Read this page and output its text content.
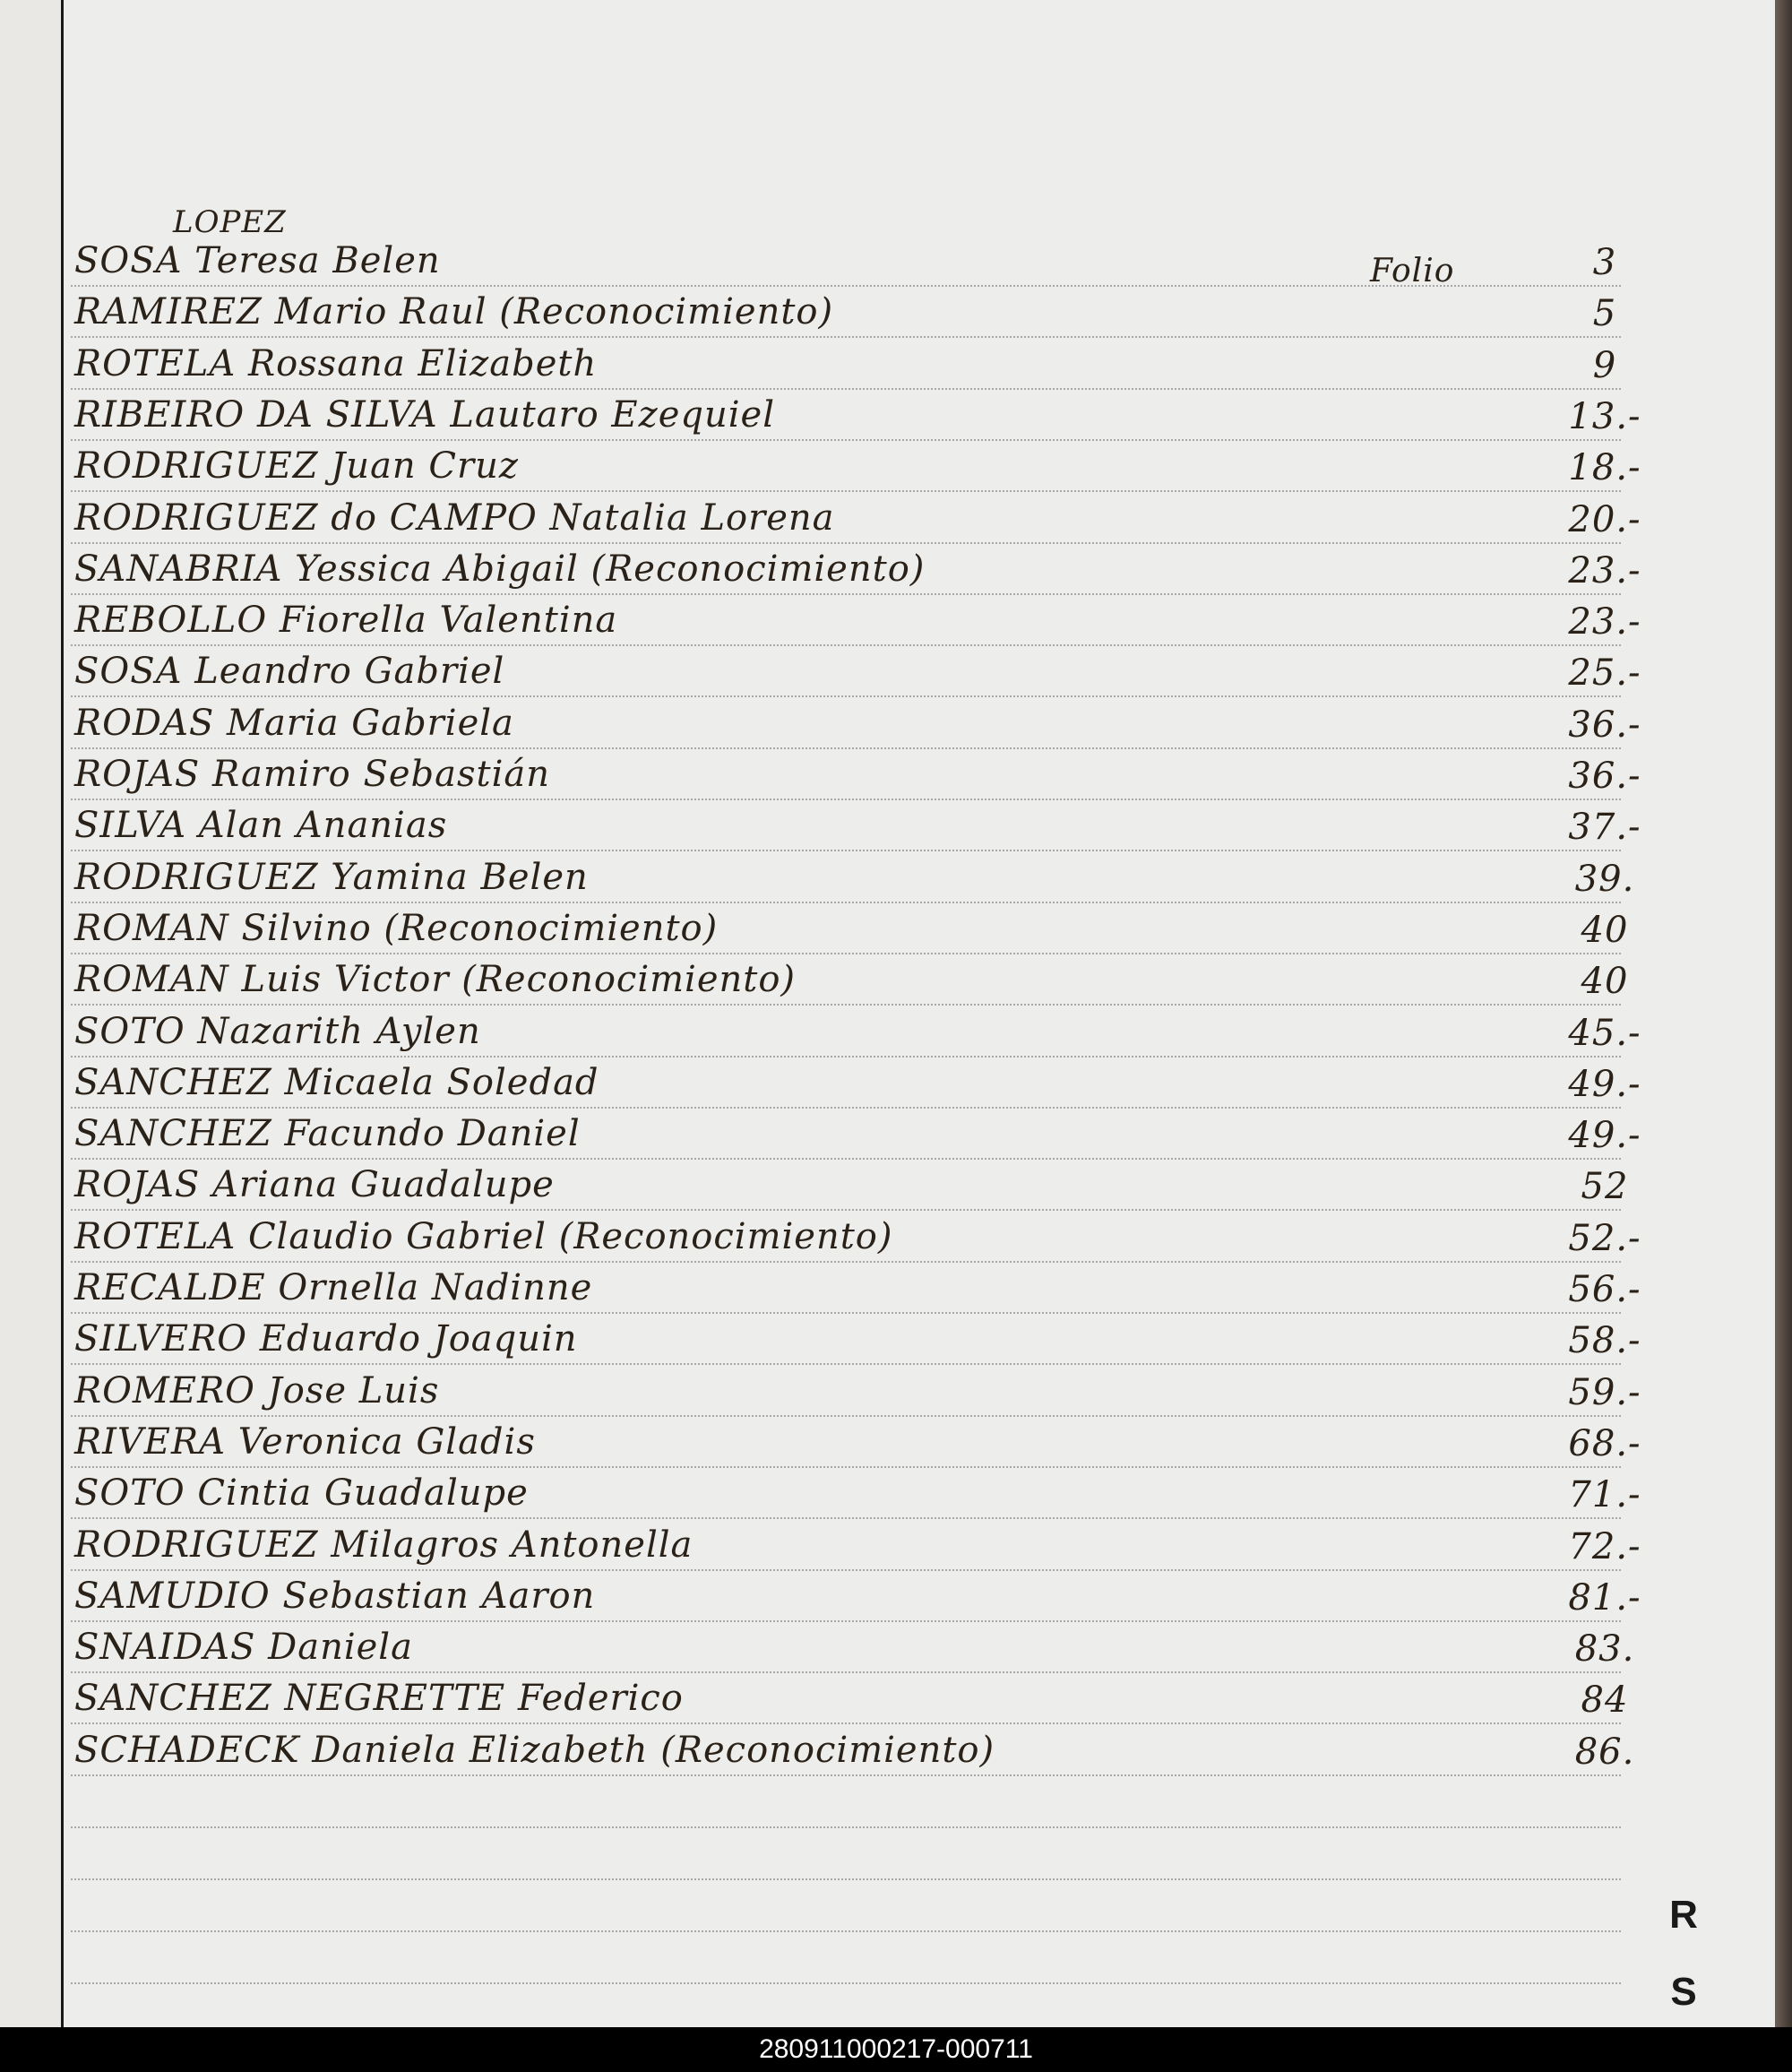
LOPEZ
Folio
SOSA Teresa Belen	3
RAMIREZ Mario Raul (Reconocimiento)	5
ROTELA Rossana Elizabeth	9
RIBEIRO DA SILVA Lautaro Ezequiel	13.-
RODRIGUEZ Juan Cruz	18.-
RODRIGUEZ do CAMPO Natalia Lorena	20.-
SANABRIA Yessica Abigail (Reconocimiento)	23.-
REBOLLO Fiorella Valentina	23.-
SOSA Leandro Gabriel	25.-
RODAS Maria Gabriela	36.-
ROJAS Ramiro Sebastián	36.-
SILVA Alan Ananias	37.-
RODRIGUEZ Yamina Belen	39.
ROMAN Silvino (Reconocimiento)	40
ROMAN Luis Victor (Reconocimiento)	40
SOTO Nazarith Aylen	45.-
SANCHEZ Micaela Soledad	49.-
SANCHEZ Facundo Daniel	49.-
ROJAS Ariana Guadalupe	52
ROTELA Claudio Gabriel (Reconocimiento)	52.-
RECALDE Ornella Nadinne	56.-
SILVERO Eduardo Joaquin	58.-
ROMERO Jose Luis	59.-
RIVERA Veronica Gladis	68.-
SOTO Cintia Guadalupe	71.-
RODRIGUEZ Milagros Antonella	72.-
SAMUDIO Sebastian Aaron	81.-
SNAIDAS Daniela	83.
SANCHEZ NEGRETTE Federico	84
SCHADECK Daniela Elizabeth (Reconocimiento)	86.
R
S
280911000217-000711
